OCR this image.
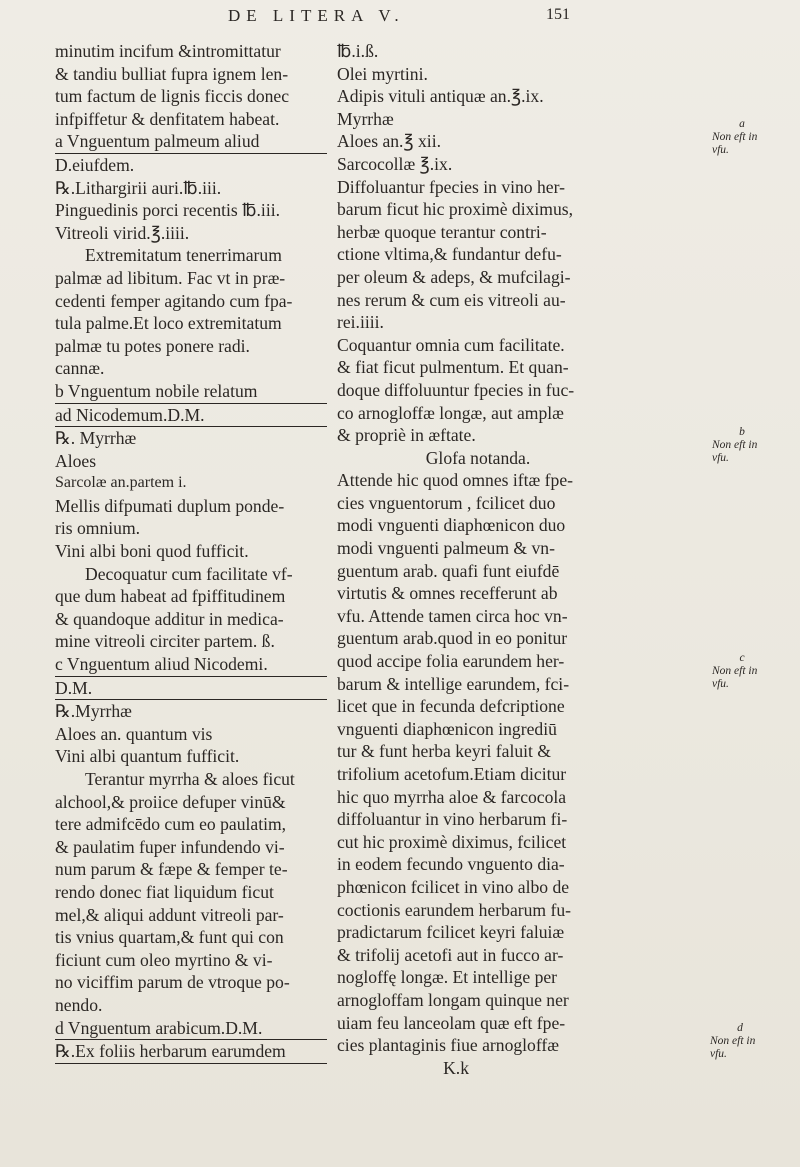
DE LITERA V.	151
minutim incifum &intromittatur
& tandiu bulliat fupra ignem len-
tum factum de lignis ficcis donec
infpiffetur & denfitatem habeat.
a Vnguentum palmeum aliud
D.eiufdem.
℞.Lithargirii auri.℔.iii.
Pinguedinis porci recentis ℔.iii.
Vitreoli virid.℥.iiii.
Extremitatum tenerrimarum
palmæ ad libitum. Fac vt in præ-
cedenti femper agitando cum fpa-
tula palme.Et loco extremitatum
palmæ tu potes ponere radi.
cannæ.
b Vnguentum nobile relatum
ad Nicodemum.D.M.
℞. Myrrhæ
Aloes
Sarcolæ an.partem i.
Mellis difpumati duplum ponde-
ris omnium.
Vini albi boni quod fufficit.
Decoquatur cum facilitate vf-
que dum habeat ad fpiffitudinem
& quandoque additur in medica-
mine vitreoli circiter partem. ß.
c Vnguentum aliud Nicodemi.
D.M.
℞.Myrrhæ
Aloes an. quantum vis
Vini albi quantum fufficit.
Terantur myrrha & aloes ficut
alchool,& proiice defuper vinū&
tere admifcēdo cum eo paulatim,
& paulatim fuper infundendo vi-
num parum & fæpe & femper te-
rendo donec fiat liquidum ficut
mel,& aliqui addunt vitreoli par-
tis vnius quartam,& funt qui con
ficiunt cum oleo myrtino & vi-
no viciffim parum de vtroque po-
nendo.
d Vnguentum arabicum.D.M.
℞.Ex foliis herbarum earumdem
℔.i.ß.
Olei myrtini.
Adipis vituli antiquæ an.℥.ix.
Myrrhæ
Aloes an.℥ xii.
Sarcocollæ ℥.ix.
Diffoluantur fpecies in vino her-
barum ficut hic proximè diximus,
herbæ quoque terantur contri-
ctione vltima,& fundantur defu-
per oleum & adeps, & mufcilagi-
nes rerum & cum eis vitreoli au-
rei.iiii.
Coquantur omnia cum facilitate.
& fiat ficut pulmentum. Et quan-
doque diffoluuntur fpecies in fuc-
co arnogloffæ longæ, aut amplæ
& propriè in æftate.
Glofa notanda.
Attende hic quod omnes iftæ fpe-
cies vnguentorum , fcilicet duo
modi vnguenti diaphœnicon duo
modi vnguenti palmeum & vn-
guentum arab. quafi funt eiufdē
virtutis & omnes recefferunt ab
vfu. Attende tamen circa hoc vn-
guentum arab.quod in eo ponitur
quod accipe folia earundem her-
barum & intellige earundem, fci-
licet que in fecunda defcriptione
vnguenti diaphœnicon ingrediū
tur & funt herba keyri faluit &
trifolium acetofum.Etiam dicitur
hic quo myrrha aloe & farcocola
diffoluantur in vino herbarum fi-
cut hic proximè diximus, fcilicet
in eodem fecundo vnguento dia-
phœnicon fcilicet in vino albo de
coctionis earundem herbarum fu-
pradictarum fcilicet keyri faluiæ
& trifolij acetofi aut in fucco ar-
nogloffę longæ. Et intellige per
arnogloffam longam quinque ner
uiam feu lanceolam quæ eft fpe-
cies plantaginis fiue arnogloffæ
K.k
a
Non eft in vfu.
b
Non eft in vfu.
c
Non eft in vfu.
d
Non eft in vfu.
